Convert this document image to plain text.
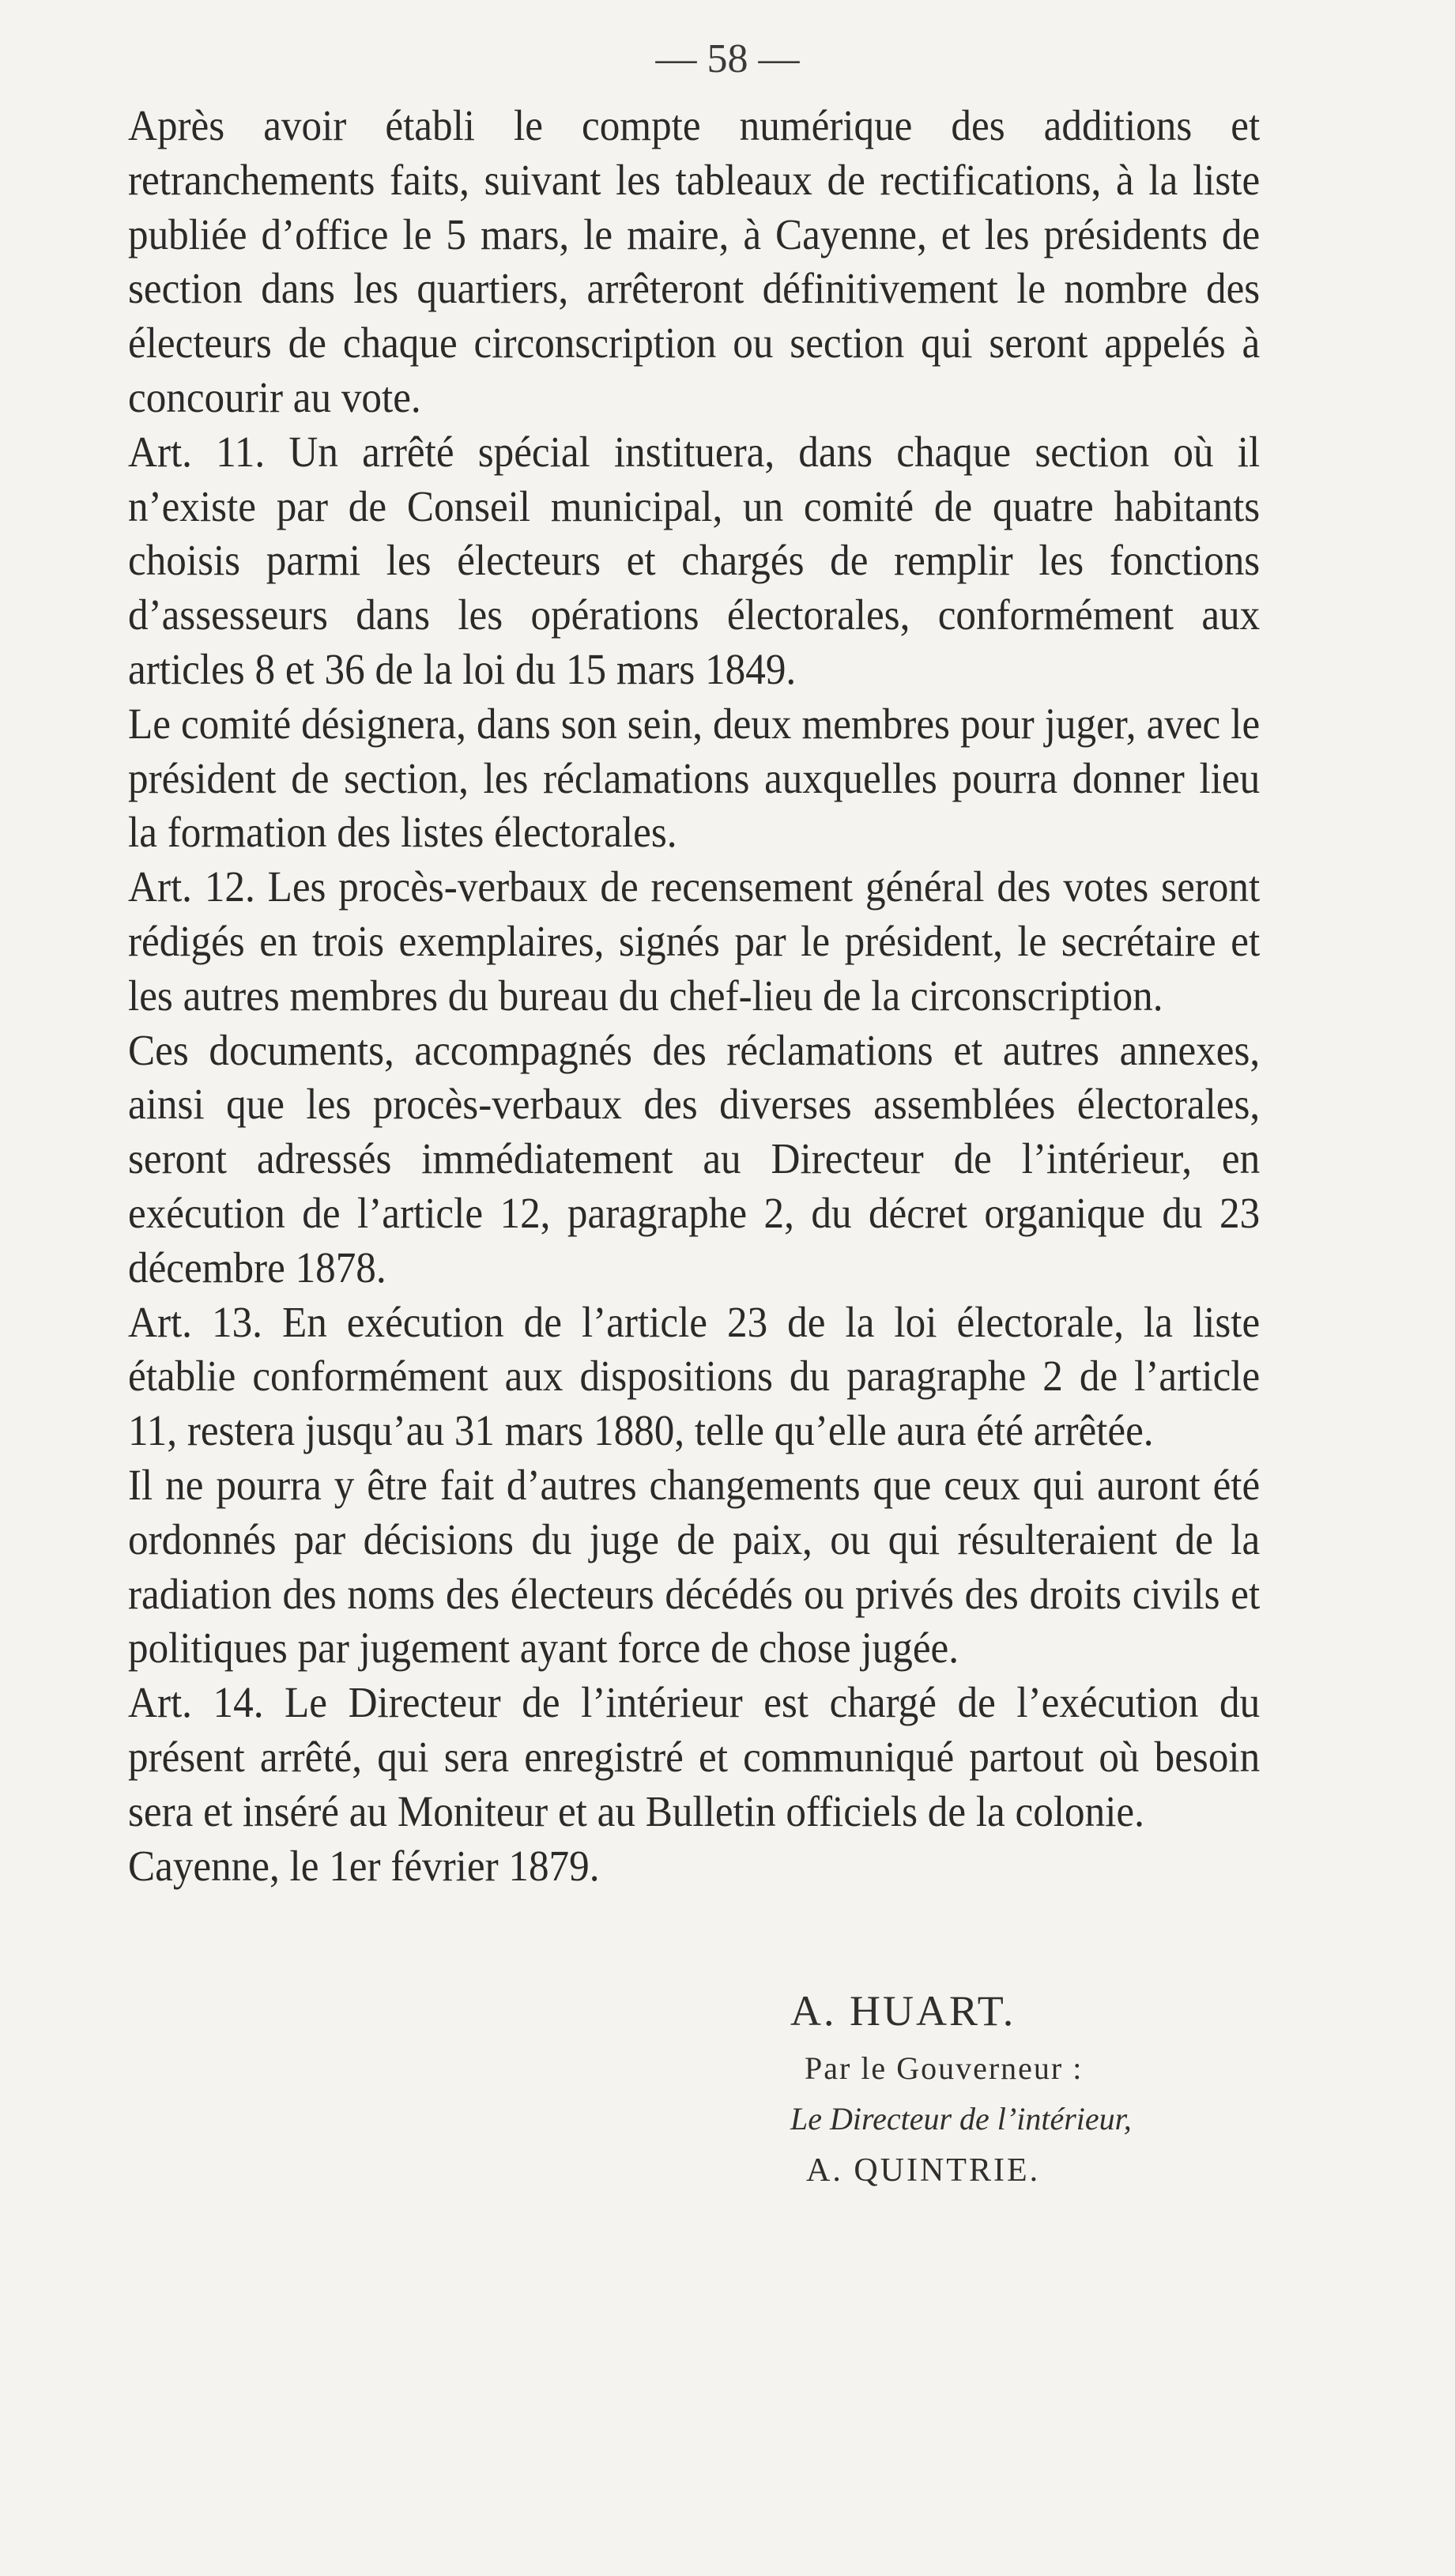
— 58 —

Après avoir établi le compte numérique des additions et retranchements faits, suivant les tableaux de rectifications, à la liste publiée d’office le 5 mars, le maire, à Cayenne, et les présidents de section dans les quartiers, arrêteront définitivement le nombre des électeurs de chaque circonscription ou section qui seront appelés à concourir au vote.

Art. 11. Un arrêté spécial instituera, dans chaque section où il n’existe par de Conseil municipal, un comité de quatre habitants choisis parmi les électeurs et chargés de remplir les fonctions d’assesseurs dans les opérations électorales, conformément aux articles 8 et 36 de la loi du 15 mars 1849.

Le comité désignera, dans son sein, deux membres pour juger, avec le président de section, les réclamations auxquelles pourra donner lieu la formation des listes électorales.

Art. 12. Les procès-verbaux de recensement général des votes seront rédigés en trois exemplaires, signés par le président, le secrétaire et les autres membres du bureau du chef-lieu de la circonscription.

Ces documents, accompagnés des réclamations et autres annexes, ainsi que les procès-verbaux des diverses assemblées électorales, seront adressés immédiatement au Directeur de l’intérieur, en exécution de l’article 12, paragraphe 2, du décret organique du 23 décembre 1878.

Art. 13. En exécution de l’article 23 de la loi électorale, la liste établie conformément aux dispositions du paragraphe 2 de l’article 11, restera jusqu’au 31 mars 1880, telle qu’elle aura été arrêtée.

Il ne pourra y être fait d’autres changements que ceux qui auront été ordonnés par décisions du juge de paix, ou qui résulteraient de la radiation des noms des électeurs décédés ou privés des droits civils et politiques par jugement ayant force de chose jugée.

Art. 14. Le Directeur de l’intérieur est chargé de l’exécution du présent arrêté, qui sera enregistré et communiqué partout où besoin sera et inséré au Moniteur et au Bulletin officiels de la colonie.

Cayenne, le 1er février 1879.

A. HUART.
Par le Gouverneur :
Le Directeur de l’intérieur,
A. QUINTRIE.
